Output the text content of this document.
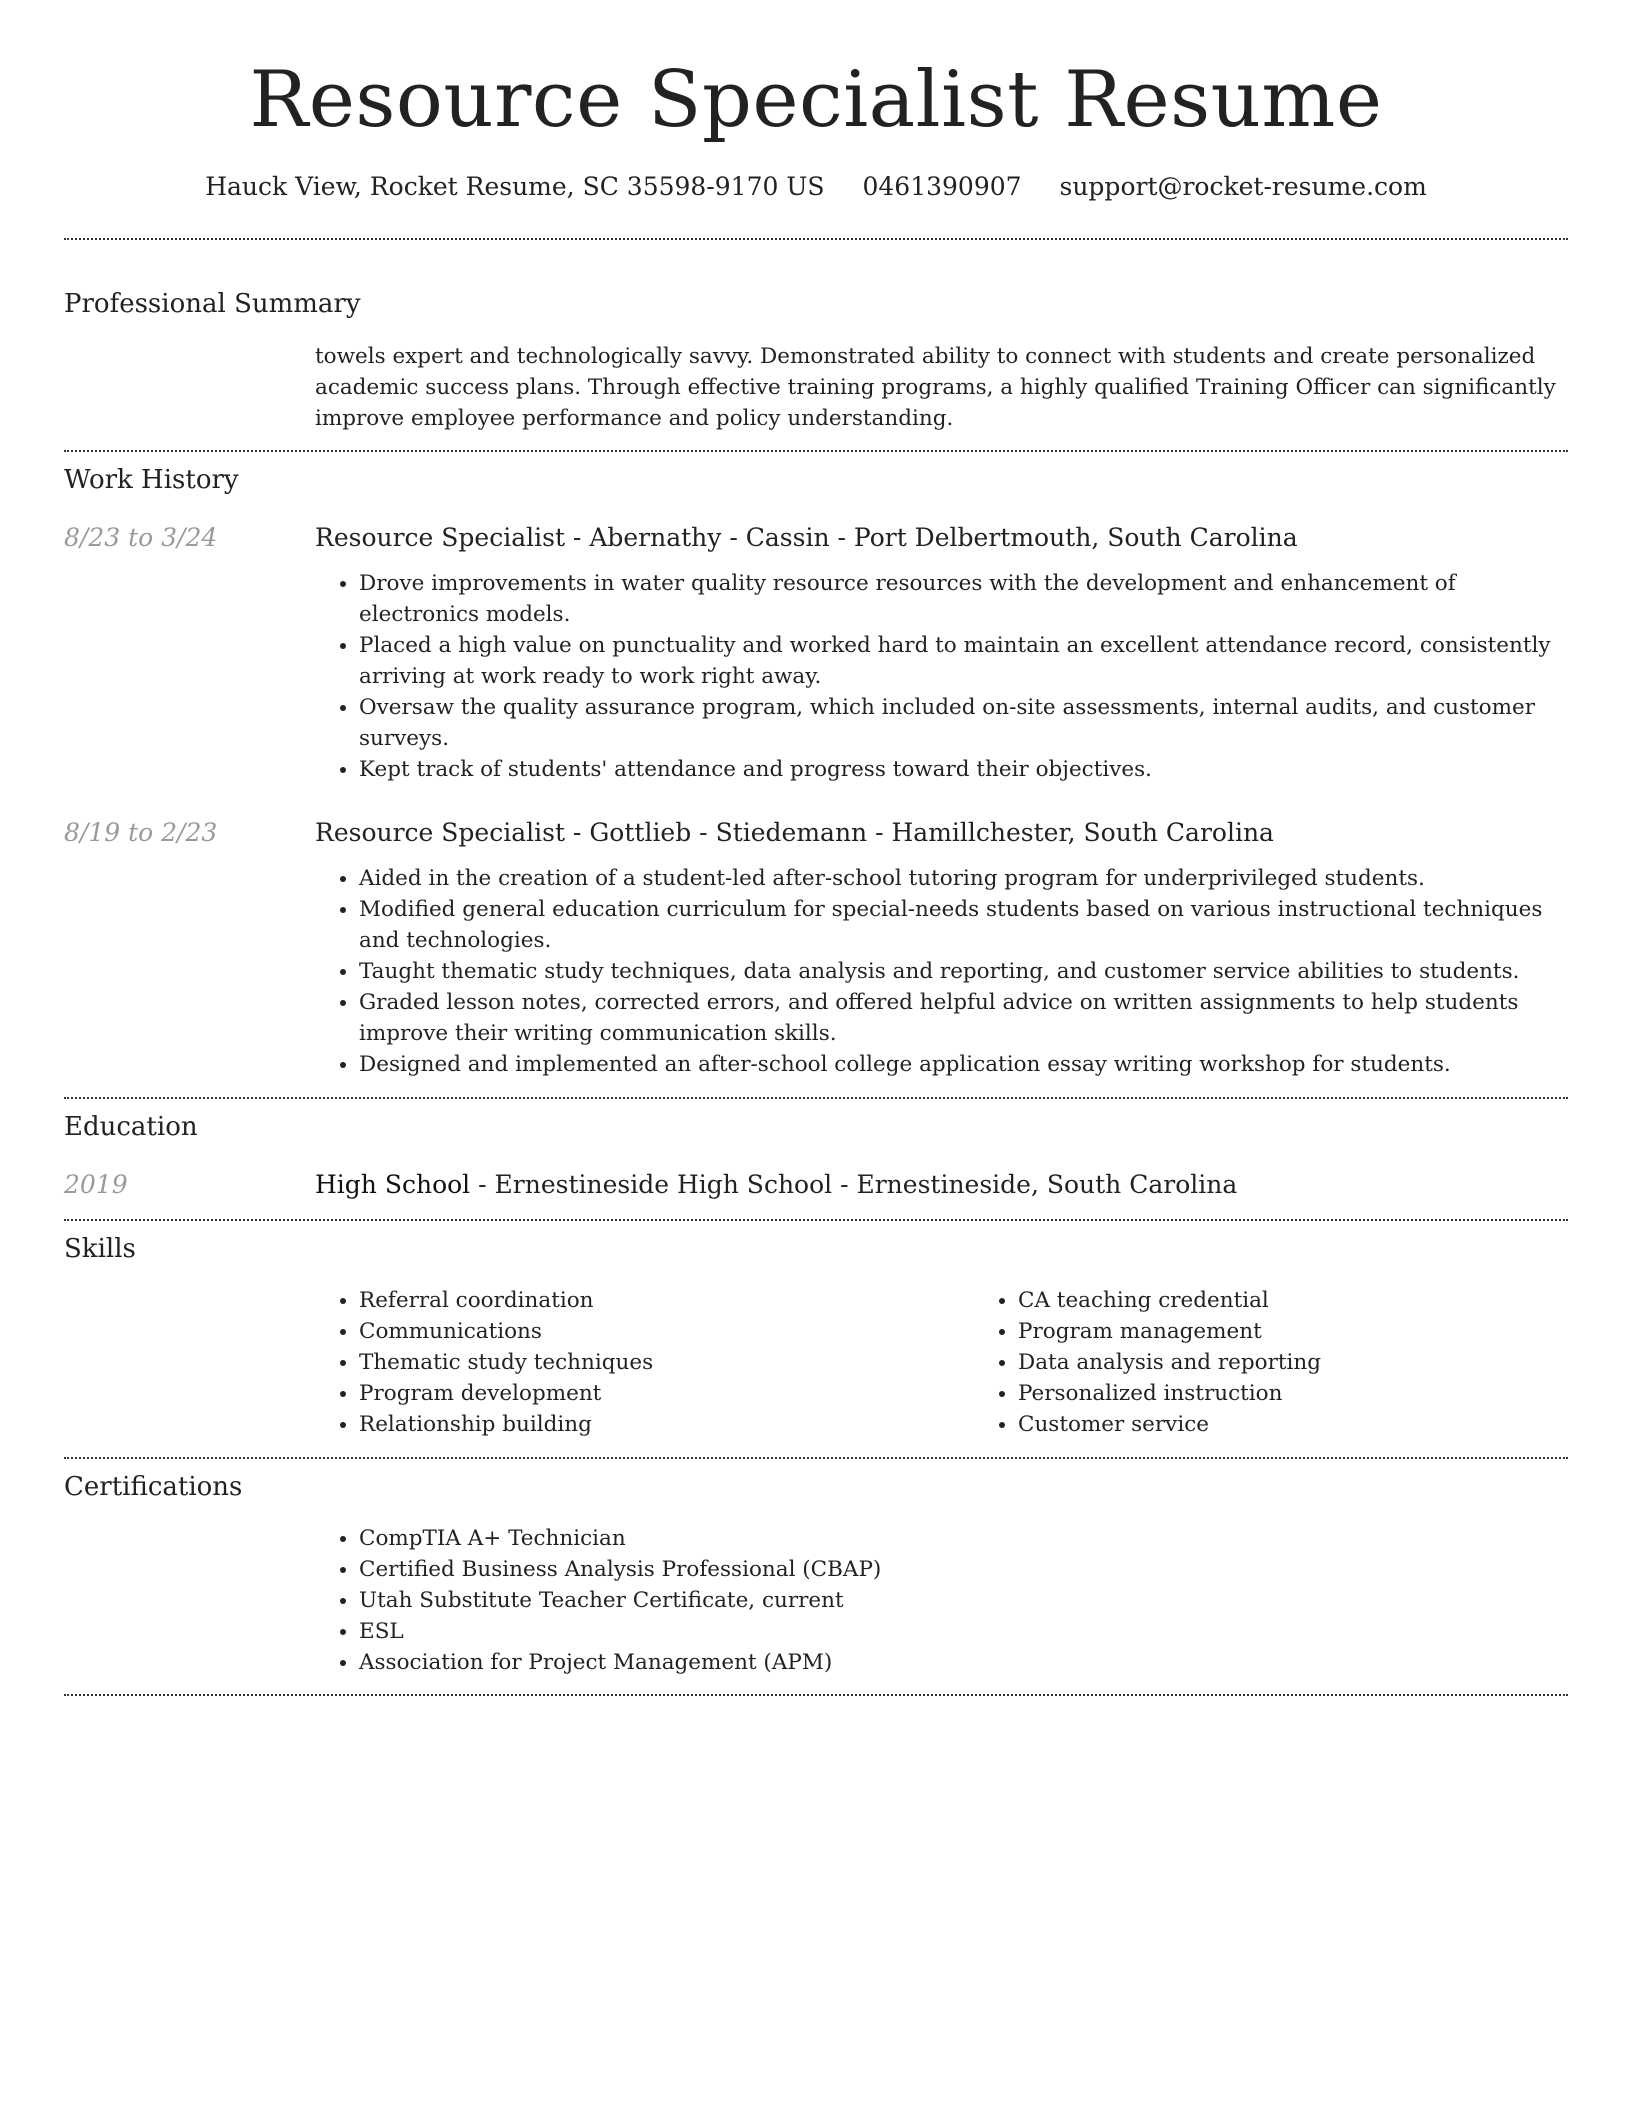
Resource Specialist Resume
Hauck View, Rocket Resume, SC 35598-9170 US 0461390907 support@rocket-resume.com
Professional Summary

towels expert and technologically savvy. Demonstrated ability to connect with students and create personalized academic success plans. Through effective training programs, a highly qualified Training Officer can significantly improve employee performance and policy understanding.

Work History
8/23 to 3/24	Resource Specialist - Abernathy - Cassin - Port Delbertmouth, South Carolina
• Drove improvements in water quality resource resources with the development and enhancement of electronics models.
• Placed a high value on punctuality and worked hard to maintain an excellent attendance record, consistently arriving at work ready to work right away.
• Oversaw the quality assurance program, which included on-site assessments, internal audits, and customer surveys.
• Kept track of students' attendance and progress toward their objectives.
8/19 to 2/23	Resource Specialist - Gottlieb - Stiedemann - Hamillchester, South Carolina
• Aided in the creation of a student-led after-school tutoring program for underprivileged students.
• Modified general education curriculum for special-needs students based on various instructional techniques and technologies.
• Taught thematic study techniques, data analysis and reporting, and customer service abilities to students.
• Graded lesson notes, corrected errors, and offered helpful advice on written assignments to help students improve their writing communication skills.
• Designed and implemented an after-school college application essay writing workshop for students.
Education
2019	High School - Ernestineside High School - Ernestineside, South Carolina
Skills
• Referral coordination
• Communications
• Thematic study techniques
• Program development
• Relationship building
• CA teaching credential
• Program management
• Data analysis and reporting
• Personalized instruction
• Customer service
Certifications
• CompTIA A+ Technician
• Certified Business Analysis Professional (CBAP)
• Utah Substitute Teacher Certificate, current
• ESL
• Association for Project Management (APM)
